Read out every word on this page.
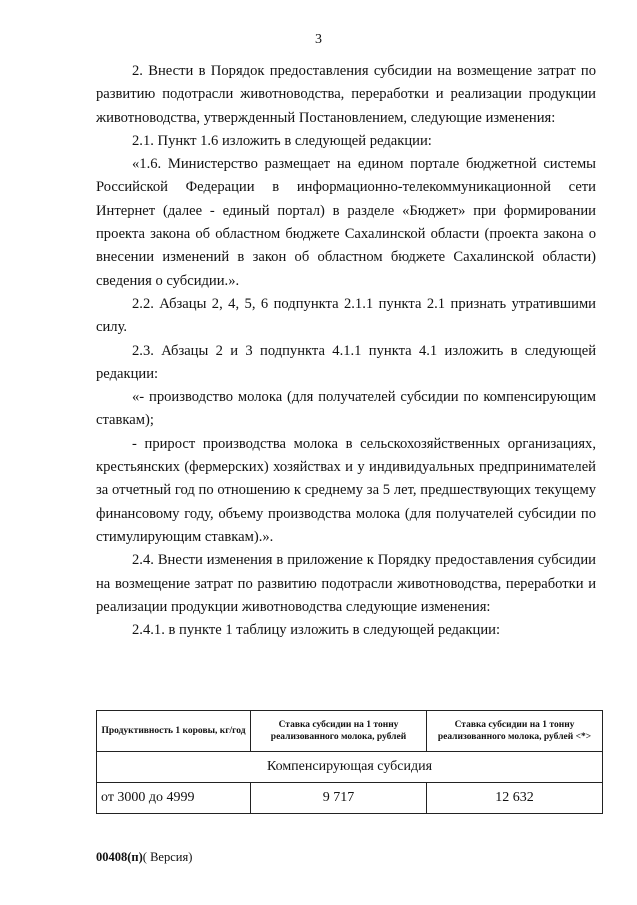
3

2. Внести в Порядок предоставления субсидии на возмещение затрат по развитию подотрасли животноводства, переработки и реализации продукции животноводства, утвержденный Постановлением, следующие изменения:

2.1. Пункт 1.6 изложить в следующей редакции:

«1.6. Министерство размещает на едином портале бюджетной системы Российской Федерации в информационно-телекоммуникационной сети Интернет (далее - единый портал) в разделе «Бюджет» при формировании проекта закона об областном бюджете Сахалинской области (проекта закона о внесении изменений в закон об областном бюджете Сахалинской области) сведения о субсидии.».

2.2. Абзацы 2, 4, 5, 6 подпункта 2.1.1 пункта 2.1 признать утратившими силу.

2.3. Абзацы 2 и 3 подпункта 4.1.1 пункта 4.1 изложить в следующей редакции:

«- производство молока (для получателей субсидии по компенсирующим ставкам);

- прирост производства молока в сельскохозяйственных организациях, крестьянских (фермерских) хозяйствах и у индивидуальных предпринимателей за отчетный год по отношению к среднему за 5 лет, предшествующих текущему финансовому году, объему производства молока (для получателей субсидии по стимулирующим ставкам).».

2.4. Внести изменения в приложение к Порядку предоставления субсидии на возмещение затрат по развитию подотрасли животноводства, переработки и реализации продукции животноводства следующие изменения:

2.4.1. в пункте 1 таблицу изложить в следующей редакции:

Продуктивность 1 коровы, кг/год	Ставка субсидии на 1 тонну реализованного молока, рублей	Ставка субсидии на 1 тонну реализованного молока, рублей <*>
Компенсирующая субсидия		
от 3000 до 4999	9 717	12 632
00408(п)( Версия)
